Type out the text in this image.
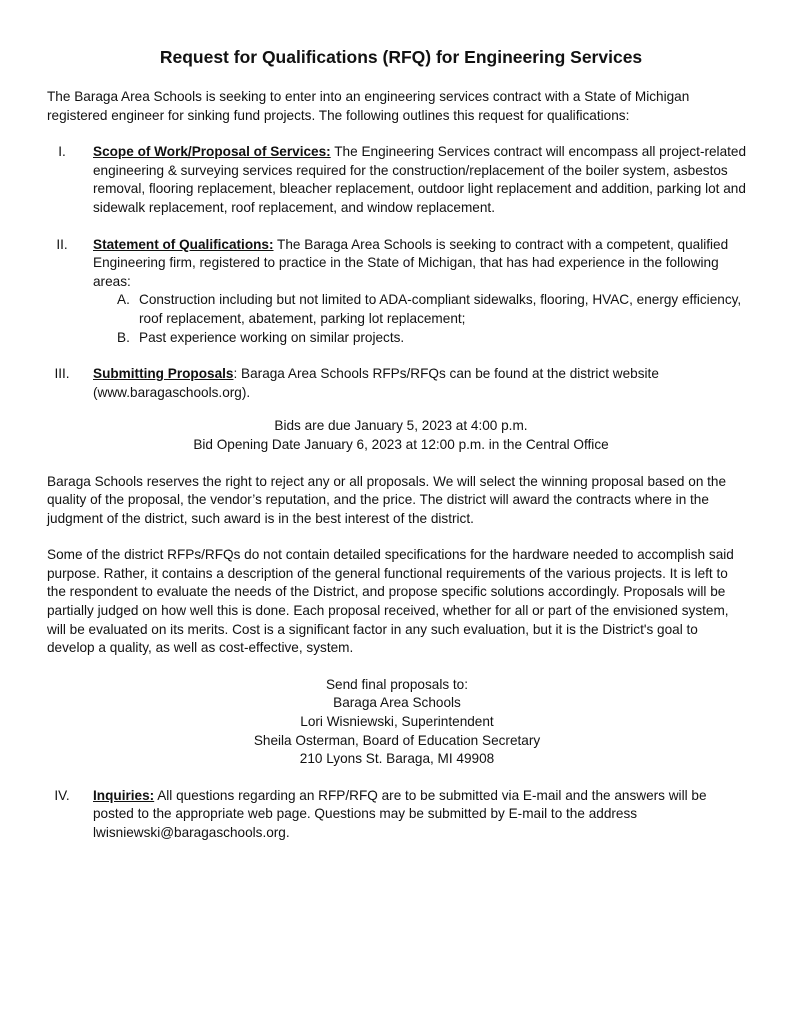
Request for Qualifications (RFQ) for Engineering Services

The Baraga Area Schools is seeking to enter into an engineering services contract with a State of Michigan registered engineer for sinking fund projects. The following outlines this request for qualifications:

I.	Scope of Work/Proposal of Services: The Engineering Services contract will encompass all project-related engineering & surveying services required for the construction/replacement of the boiler system, asbestos removal, flooring replacement, bleacher replacement, outdoor light replacement and addition, parking lot and sidewalk replacement, roof replacement, and window replacement.

II.	Statement of Qualifications: The Baraga Area Schools is seeking to contract with a competent, qualified Engineering firm, registered to practice in the State of Michigan, that has had experience in the following areas:

A. Construction including but not limited to ADA-compliant sidewalks, flooring, HVAC, energy efficiency, roof replacement, abatement, parking lot replacement;
B. Past experience working on similar projects.
III.	Submitting Proposals: Baraga Area Schools RFPs/RFQs can be found at the district website (www.baragaschools.org).

Bids are due January 5, 2023 at 4:00 p.m.

Bid Opening Date January 6, 2023 at 12:00 p.m. in the Central Office

Baraga Schools reserves the right to reject any or all proposals. We will select the winning proposal based on the quality of the proposal, the vendor’s reputation, and the price. The district will award the contracts where in the judgment of the district, such award is in the best interest of the district.

Some of the district RFPs/RFQs do not contain detailed specifications for the hardware needed to accomplish said purpose. Rather, it contains a description of the general functional requirements of the various projects. It is left to the respondent to evaluate the needs of the District, and propose specific solutions accordingly. Proposals will be partially judged on how well this is done. Each proposal received, whether for all or part of the envisioned system, will be evaluated on its merits. Cost is a significant factor in any such evaluation, but it is the District's goal to develop a quality, as well as cost-effective, system.

Send final proposals to:

Baraga Area Schools

Lori Wisniewski, Superintendent

Sheila Osterman, Board of Education Secretary

210 Lyons St. Baraga, MI 49908

IV.	Inquiries: All questions regarding an RFP/RFQ are to be submitted via E-mail and the answers will be posted to the appropriate web page. Questions may be submitted by E-mail to the address lwisniewski@baragaschools.org.
